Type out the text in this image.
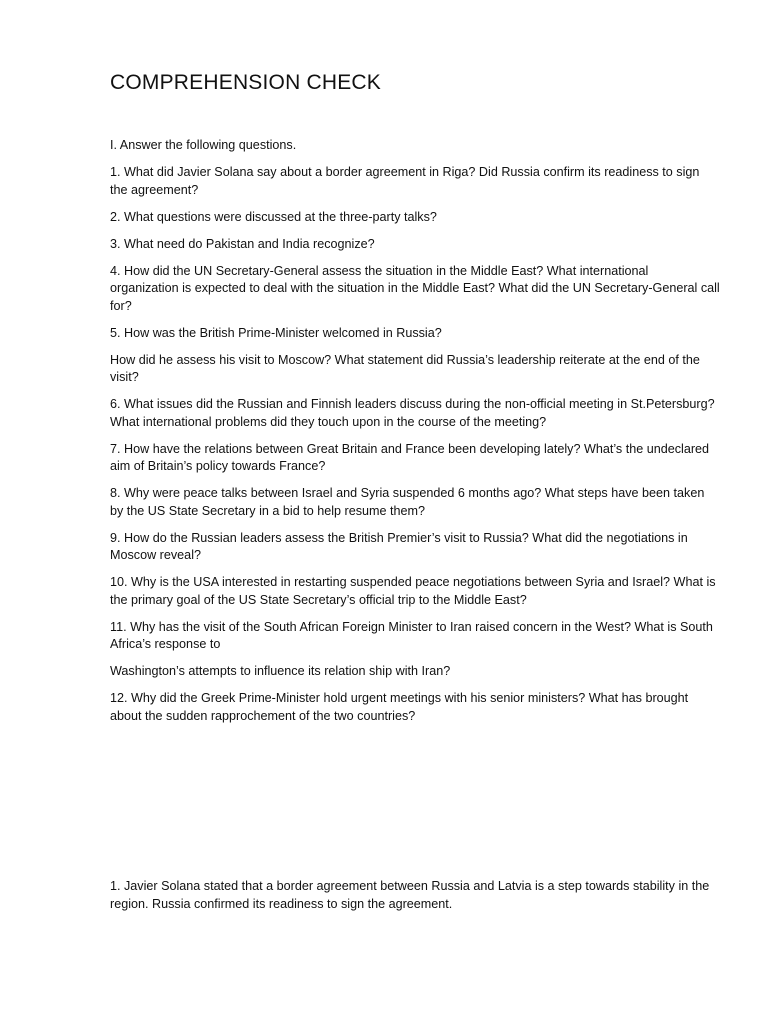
COMPREHENSION CHECK

I. Answer the following questions.

1. What did Javier Solana say about a border agreement in Riga? Did Russia confirm its readiness to sign the agreement?

2. What questions were discussed at the three-party talks?

3. What need do Pakistan and India recognize?

4. How did the UN Secretary-General assess the situation in the Middle East? What international organization is expected to deal with the situation in the Middle East? What did the UN Secretary-General call for?

5. How was the British Prime-Minister welcomed in Russia?

How did he assess his visit to Moscow? What statement did Russia’s leadership reiterate at the end of the visit?

6. What issues did the Russian and Finnish leaders discuss during the non-official meeting in St.Petersburg? What international problems did they touch upon in the course of the meeting?

7. How have the relations between Great Britain and France been developing lately? What’s the undeclared aim of Britain’s policy towards France?

8. Why were peace talks between Israel and Syria suspended 6 months ago? What steps have been taken by the US State Secretary in a bid to help resume them?

9. How do the Russian leaders assess the British Premier’s visit to Russia? What did the negotiations in Moscow reveal?

10. Why is the USA interested in restarting suspended peace negotiations between Syria and Israel? What is the primary goal of the US State Secretary’s official trip to the Middle East?

11. Why has the visit of the South African Foreign Minister to Iran raised concern in the West? What is South Africa’s response to

Washington’s attempts to influence its relation ship with Iran?

12. Why did the Greek Prime-Minister hold urgent meetings with his senior ministers? What has brought about the sudden rapprochement of the two countries?

1. Javier Solana stated that a border agreement between Russia and Latvia is a step towards stability in the region. Russia confirmed its readiness to sign the agreement.
